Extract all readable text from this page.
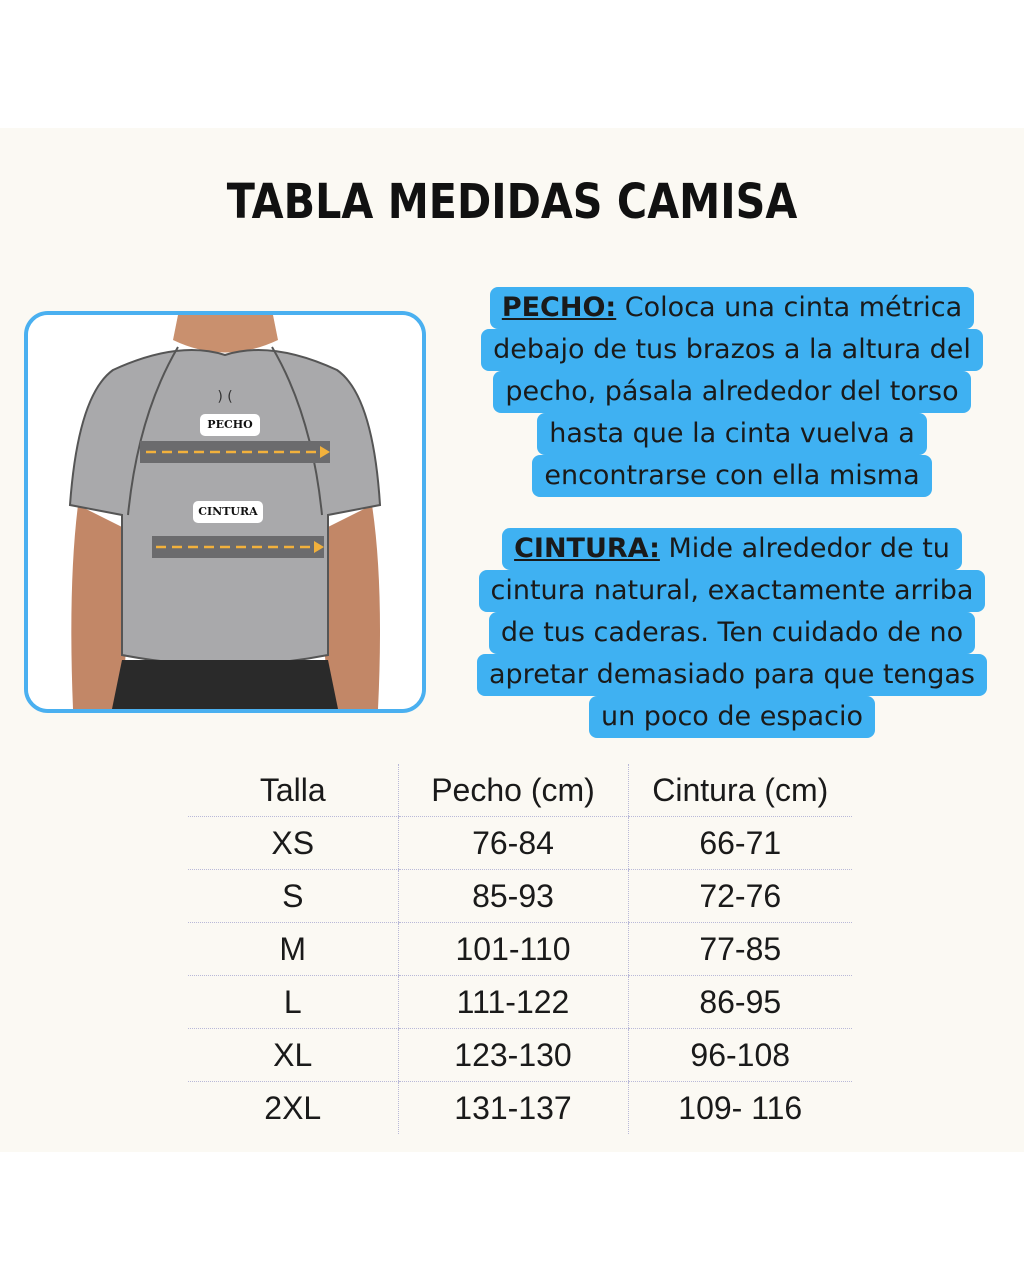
TABLA MEDIDAS CAMISA
) (
PECHO
CINTURA
PECHO: Coloca una cinta métrica
debajo de tus brazos a la altura del
pecho, pásala alrededor del torso
hasta que la cinta vuelva a
encontrarse con ella misma
CINTURA: Mide alrededor de tu
cintura natural, exactamente arriba
de tus caderas. Ten cuidado de no
apretar demasiado para que tengas
un poco de espacio
Talla	Pecho (cm)	Cintura (cm)
XS	76-84	66-71
S	85-93	72-76
M	101-110	77-85
L	111-122	86-95
XL	123-130	96-108
2XL	131-137	109- 116
